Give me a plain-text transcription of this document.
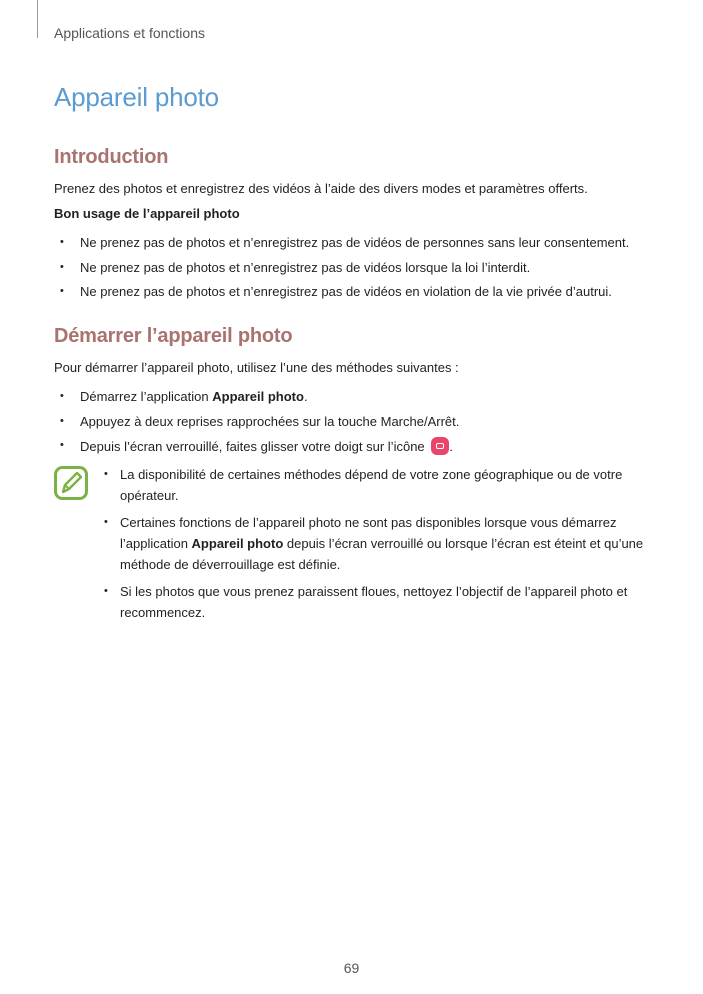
Applications et fonctions
Appareil photo
Introduction

Prenez des photos et enregistrez des vidéos à l’aide des divers modes et paramètres offerts.

Bon usage de l’appareil photo

• Ne prenez pas de photos et n’enregistrez pas de vidéos de personnes sans leur consentement.
• Ne prenez pas de photos et n’enregistrez pas de vidéos lorsque la loi l’interdit.
• Ne prenez pas de photos et n’enregistrez pas de vidéos en violation de la vie privée d’autrui.
Démarrer l’appareil photo

Pour démarrer l’appareil photo, utilisez l’une des méthodes suivantes :

• Démarrez l’application Appareil photo.
• Appuyez à deux reprises rapprochées sur la touche Marche/Arrêt.
• Depuis l’écran verrouillé, faites glisser votre doigt sur l’icône .
• La disponibilité de certaines méthodes dépend de votre zone géographique ou de votre opérateur.
• Certaines fonctions de l’appareil photo ne sont pas disponibles lorsque vous démarrez l’application Appareil photo depuis l’écran verrouillé ou lorsque l’écran est éteint et qu’une méthode de déverrouillage est définie.
• Si les photos que vous prenez paraissent floues, nettoyez l’objectif de l’appareil photo et recommencez.
69
